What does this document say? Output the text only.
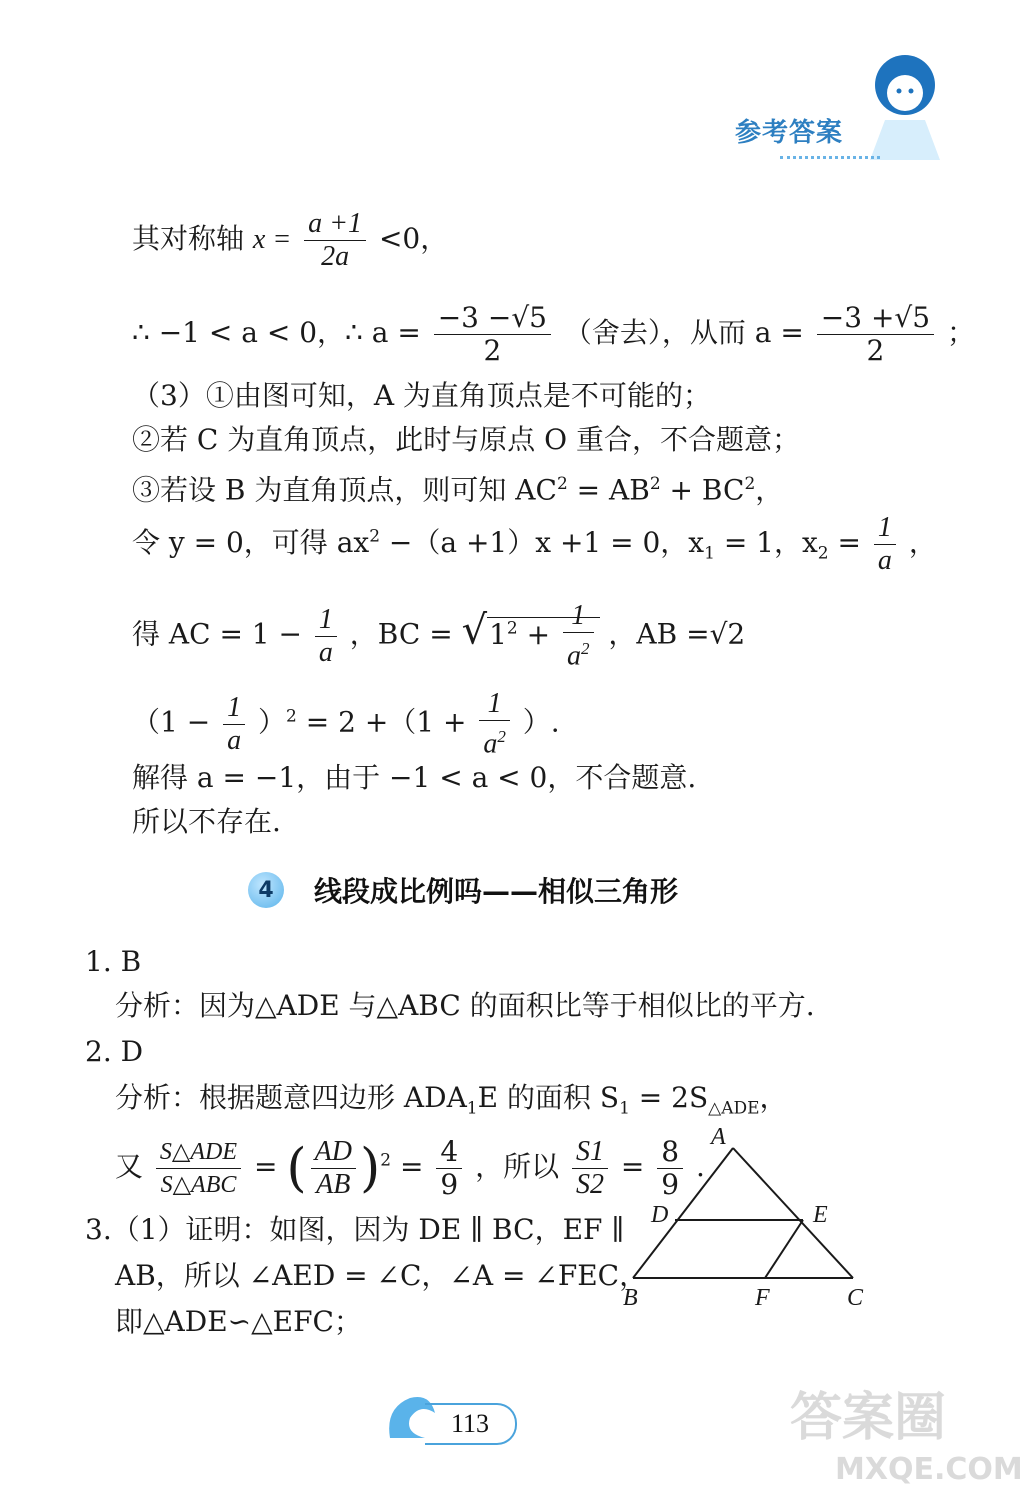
参考答案
其对称轴 $x = \frac{a +1}{2a} <0$，
∴ −1 < a < 0，∴ $a = \frac{-3 -√5}{2}$ （舍去），从而 $a = \frac{-3 +√5}{2}$ ；
（3）①由图可知，A 为直角顶点是不可能的；
②若 C 为直角顶点，此时与原点 O 重合，不合题意；
③若设 B 为直角顶点，则可知 $AC^2 = AB^2 + BC^2$，
令 y = 0，可得 $ax^2 -(a +1)x +1 = 0$，$x_1 = 1$，$x_2 = \frac{1}{a}$ ，
得 AC = $1 - \frac{1}{a}$ ，BC = $√1^2 + \frac{1}{a^2}$ ，AB =√2
$(1 - \frac{1}{a} )^2 = 2 +(1 + \frac{1}{a^2}$ ）.
解得 a = −1，由于 −1 < a < 0，不合题意.
所以不存在.
4	线段成比例吗——相似三角形
1. B
分析：因为△ADE 与△ABC 的面积比等于相似比的平方.
2. D
分析：根据题意四边形 $ADA_1E$ 的面积 $S_1 = 2S_{\triangle ADE}$，
又 $\frac{\text{S△ADE}}{\text{S△ABC}}$ = ( $\frac{AD}{AB} )^2 = \frac{4}{9}$ ，所以 $\frac{S1}{S2} = \frac{8}{9}$ .
3.（1）证明：如图，因为 DE ∥ BC，EF ∥
AB，所以 ∠AED = ∠C，∠A = ∠FEC，
即△ADE∽△EFC；
A
D	E
B	F	C
113	答案圈
MXQE.COM
